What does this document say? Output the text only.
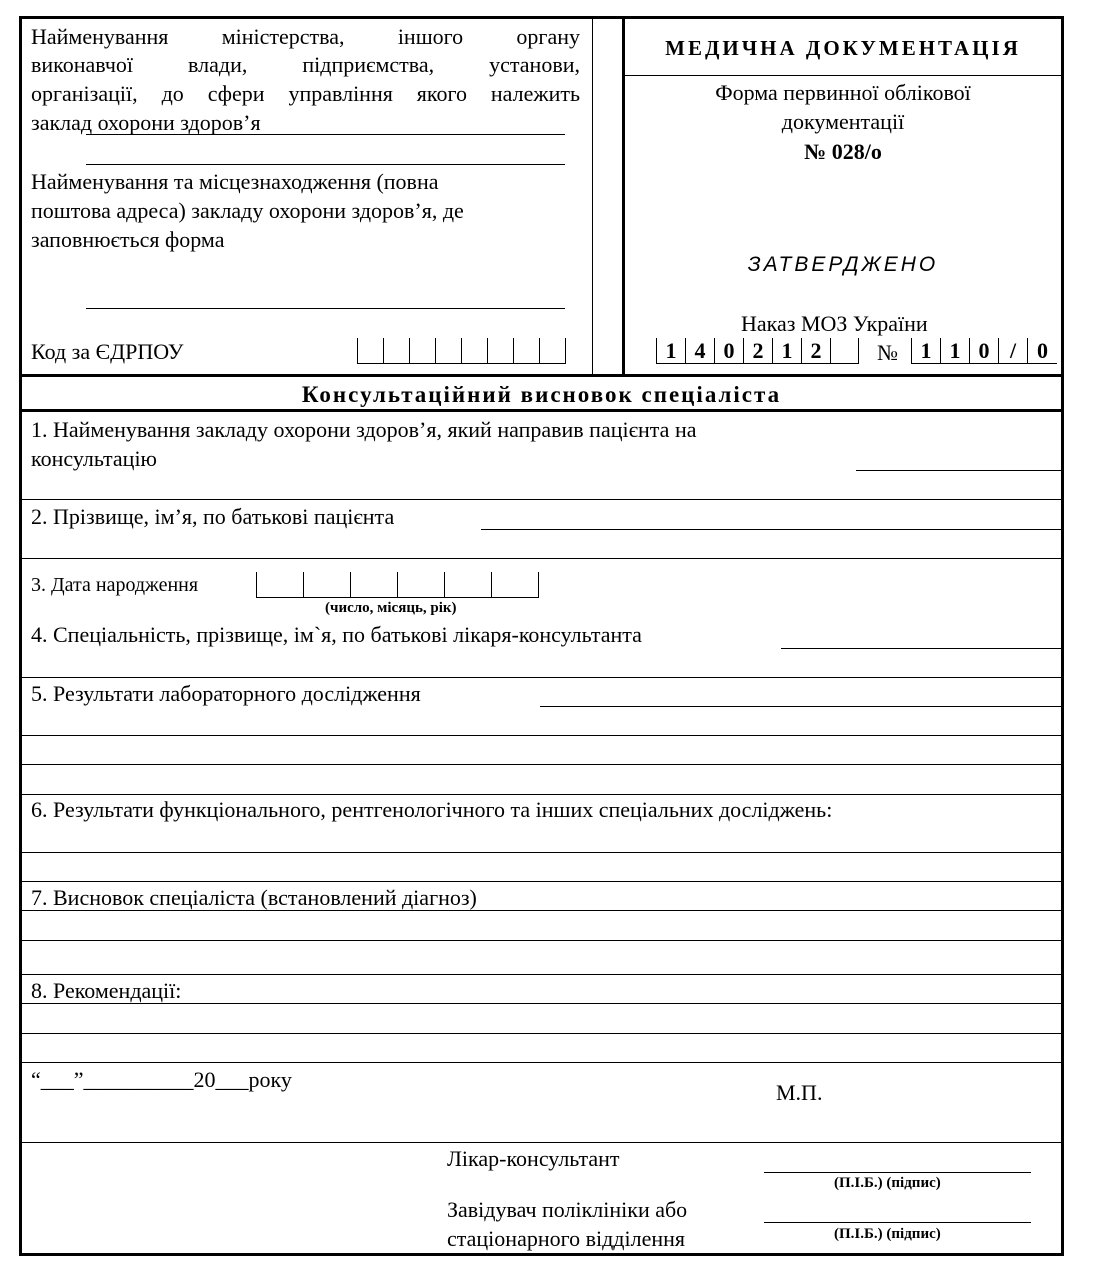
Найменування міністерства, іншого органу
виконавчої влади, підприємства, установи,
організації, до сфери управління якого належить
заклад охорони здоров’я
Найменування та місцезнаходження (повна
поштова адреса) закладу охорони здоров’я, де
заповнюється форма
Код за ЄДРПОУ
МЕДИЧНА ДОКУМЕНТАЦІЯ
Форма первинної облікової
документації
№ 028/о
ЗАТВЕРДЖЕНО
Наказ МОЗ України
1 4 0 2 1 2	№	1 1 0 / 0
Консультаційний висновок спеціаліста
1. Найменування закладу охорони здоров’я, який направив пацієнта на
консультацію
2. Прізвище, ім’я, по батькові пацієнта
3. Дата народження
(число, місяць, рік)
4. Спеціальність, прізвище, ім`я, по батькові лікаря-консультанта
5. Результати лабораторного дослідження
6. Результати функціонального, рентгенологічного та інших спеціальних досліджень:
7. Висновок спеціаліста (встановлений діагноз)
8. Рекомендації:
“___”__________20___року
М.П.
Лікар-консультант
(П.І.Б.) (підпис)
Завідувач поліклініки або
стаціонарного відділення	(П.І.Б.) (підпис)
